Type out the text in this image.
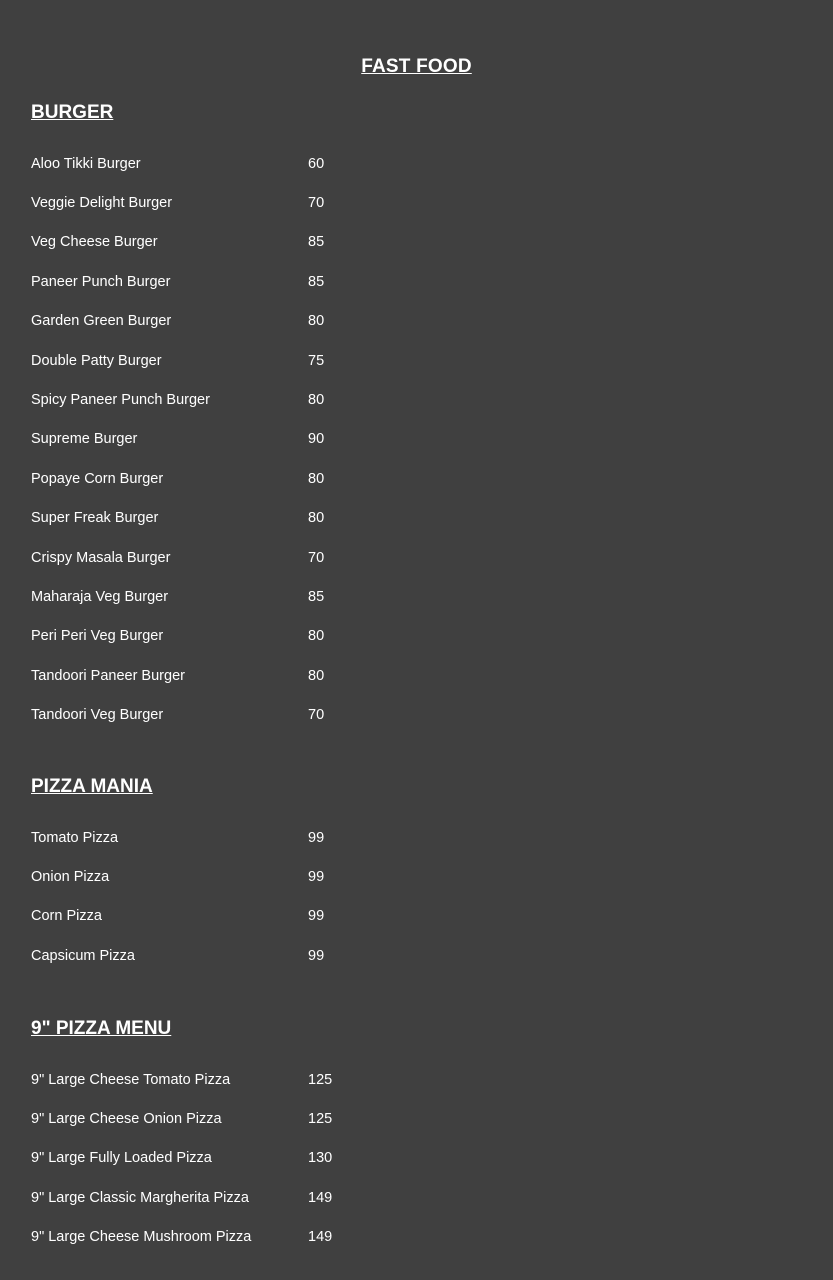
FAST FOOD
BURGER
Aloo Tikki Burger	60
Veggie Delight Burger	70
Veg Cheese Burger	85
Paneer Punch Burger	85
Garden Green Burger	80
Double Patty Burger	75
Spicy Paneer Punch Burger	80
Supreme Burger	90
Popaye Corn Burger	80
Super Freak Burger	80
Crispy Masala Burger	70
Maharaja Veg Burger	85
Peri Peri Veg Burger	80
Tandoori Paneer Burger	80
Tandoori Veg Burger	70
PIZZA MANIA
Tomato Pizza	99
Onion Pizza	99
Corn Pizza	99
Capsicum Pizza	99
9" PIZZA MENU
9" Large Cheese Tomato Pizza	125
9" Large Cheese Onion Pizza	125
9" Large Fully Loaded Pizza	130
9" Large Classic Margherita Pizza	149
9" Large Cheese Mushroom Pizza	149
